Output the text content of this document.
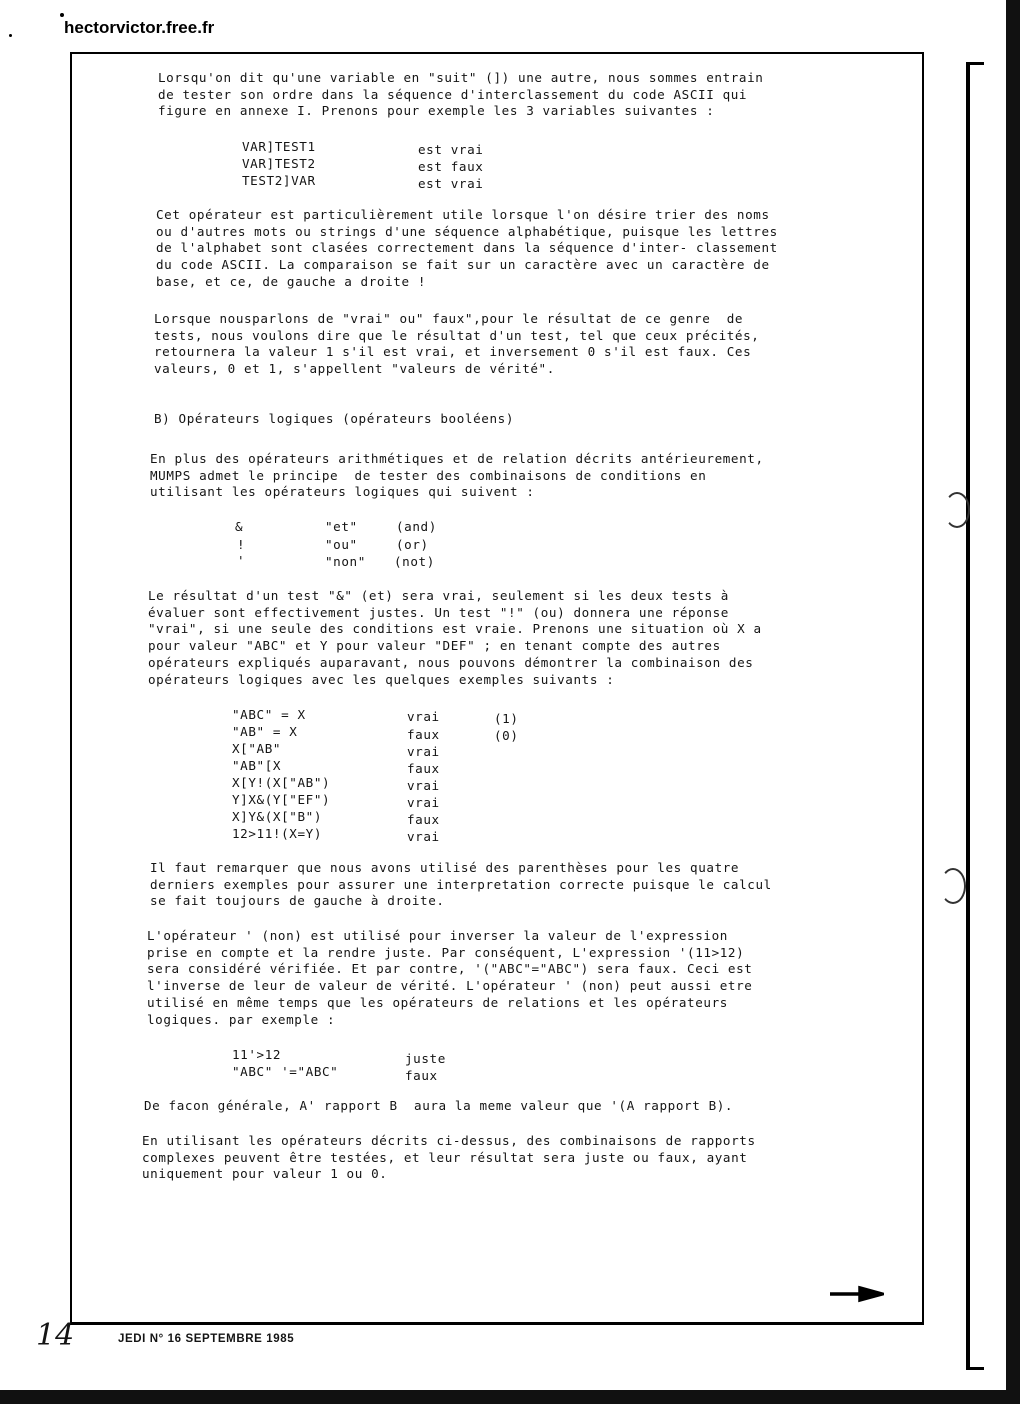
hectorvictor.free.fr
Lorsqu'on dit qu'une variable en "suit" (]) une autre, nous sommes entrain
de tester son ordre dans la séquence d'interclassement du code ASCII qui
figure en annexe I. Prenons pour exemple les 3 variables suivantes :
VAR]TEST1	est vrai
VAR]TEST2	est faux
TEST2]VAR	est vrai
Cet opérateur est particulièrement utile lorsque l'on désire trier des noms
ou d'autres mots ou strings d'une séquence alphabétique, puisque les lettres
de l'alphabet sont clasées correctement dans la séquence d'inter- classement
du code ASCII. La comparaison se fait sur un caractère avec un caractère de
base, et ce, de gauche a droite !
Lorsque nousparlons de "vrai" ou" faux",pour le résultat de ce genre  de
tests, nous voulons dire que le résultat d'un test, tel que ceux précités,
retournera la valeur 1 s'il est vrai, et inversement 0 s'il est faux. Ces
valeurs, 0 et 1, s'appellent "valeurs de vérité".
B) Opérateurs logiques (opérateurs booléens)
En plus des opérateurs arithmétiques et de relation décrits antérieurement,
MUMPS admet le principe  de tester des combinaisons de conditions en
utilisant les opérateurs logiques qui suivent :
&	"et"	(and)
!	"ou"	(or)
'	"non" (not)
Le résultat d'un test "&" (et) sera vrai, seulement si les deux tests à
évaluer sont effectivement justes. Un test "!" (ou) donnera une réponse
"vrai", si une seule des conditions est vraie. Prenons une situation où X a
pour valeur "ABC" et Y pour valeur "DEF" ; en tenant compte des autres
opérateurs expliqués auparavant, nous pouvons démontrer la combinaison des
opérateurs logiques avec les quelques exemples suivants :
"ABC" = X	vrai	(1)
"AB" = X	faux	(0)
X["AB"	vrai
"AB"[X	faux
X[Y!(X["AB")	vrai
Y]X&(Y["EF")	vrai
X]Y&(X["B")	faux
12>11!(X=Y)	vrai
Il faut remarquer que nous avons utilisé des parenthèses pour les quatre
derniers exemples pour assurer une interpretation correcte puisque le calcul
se fait toujours de gauche à droite.
L'opérateur ' (non) est utilisé pour inverser la valeur de l'expression
prise en compte et la rendre juste. Par conséquent, L'expression '(11>12)
sera considéré vérifiée. Et par contre, '("ABC"="ABC") sera faux. Ceci est
l'inverse de leur de valeur de vérité. L'opérateur ' (non) peut aussi etre
utilisé en même temps que les opérateurs de relations et les opérateurs
logiques. par exemple :
11'>12	juste
"ABC" '="ABC"	faux
De facon générale, A' rapport B  aura la meme valeur que '(A rapport B).
En utilisant les opérateurs décrits ci-dessus, des combinaisons de rapports
complexes peuvent être testées, et leur résultat sera juste ou faux, ayant
uniquement pour valeur 1 ou 0.
14	JEDI N° 16 SEPTEMBRE 1985
